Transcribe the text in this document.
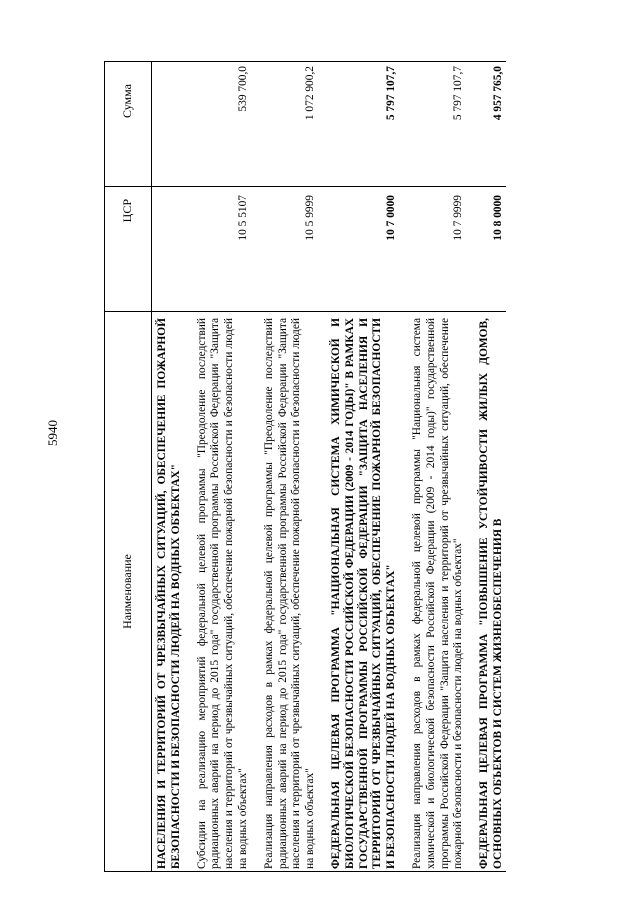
5940
Наименование	ЦСР	Сумма
НАСЕЛЕНИЯ И ТЕРРИТОРИЙ ОТ ЧРЕЗВЫЧАЙНЫХ СИТУАЦИЙ, ОБЕСПЕЧЕНИЕ ПОЖАРНОЙ БЕЗОПАСНОСТИ И БЕЗОПАСНОСТИ ЛЮДЕЙ НА ВОДНЫХ ОБЪЕКТАХ"		
Субсидии на реализацию мероприятий федеральной целевой программы "Преодоление последствий радиационных аварий на период до 2015 года" государственной программы Российской Федерации "Защита населения и территорий от чрезвычайных ситуаций, обеспечение пожарной безопасности и безопасности людей на водных объектах"	10 5 5107	539 700,0
Реализация направления расходов в рамках федеральной целевой программы "Преодоление последствий радиационных аварий на период до 2015 года" государственной программы Российской Федерации "Защита населения и территорий от чрезвычайных ситуаций, обеспечение пожарной безопасности и безопасности людей на водных объектах"	10 5 9999	1 072 900,2
ФЕДЕРАЛЬНАЯ ЦЕЛЕВАЯ ПРОГРАММА "НАЦИОНАЛЬНАЯ СИСТЕМА ХИМИЧЕСКОЙ И БИОЛОГИЧЕСКОЙ БЕЗОПАСНОСТИ РОССИЙСКОЙ ФЕДЕРАЦИИ (2009 - 2014 ГОДЫ)" В РАМКАХ ГОСУДАРСТВЕННОЙ ПРОГРАММЫ РОССИЙСКОЙ ФЕДЕРАЦИИ "ЗАЩИТА НАСЕЛЕНИЯ И ТЕРРИТОРИЙ ОТ ЧРЕЗВЫЧАЙНЫХ СИТУАЦИЙ, ОБЕСПЕЧЕНИЕ ПОЖАРНОЙ БЕЗОПАСНОСТИ И БЕЗОПАСНОСТИ ЛЮДЕЙ НА ВОДНЫХ ОБЪЕКТАХ"	10 7 0000	5 797 107,7
Реализация направления расходов в рамках федеральной целевой программы "Национальная система химической и биологической безопасности Российской Федерации (2009 - 2014 годы)" государственной программы Российской Федерации "Защита населения и территорий от чрезвычайных ситуаций, обеспечение пожарной безопасности и безопасности людей на водных объектах"	10 7 9999	5 797 107,7
ФЕДЕРАЛЬНАЯ ЦЕЛЕВАЯ ПРОГРАММА "ПОВЫШЕНИЕ УСТОЙЧИВОСТИ ЖИЛЫХ ДОМОВ, ОСНОВНЫХ ОБЪЕКТОВ И СИСТЕМ ЖИЗНЕОБЕСПЕЧЕНИЯ В	10 8 0000	4 957 765,0
